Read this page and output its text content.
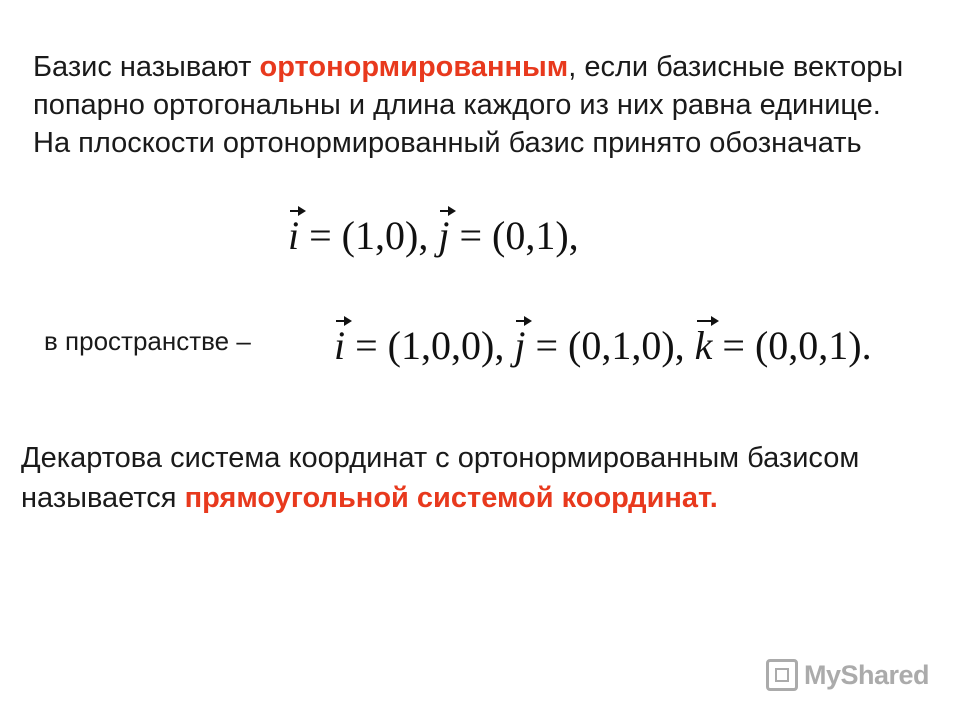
Базис называют ортонормированным, если базисные векторы попарно ортогональны и длина каждого из них равна единице. На плоскости ортонормированный базис принято обозначать
i = (1,0), j = (0,1),
в пространстве – i = (1,0,0), j = (0,1,0), k = (0,0,1).
Декартова система координат с ортонормированным базисом называется прямоугольной системой координат.
MyShared
